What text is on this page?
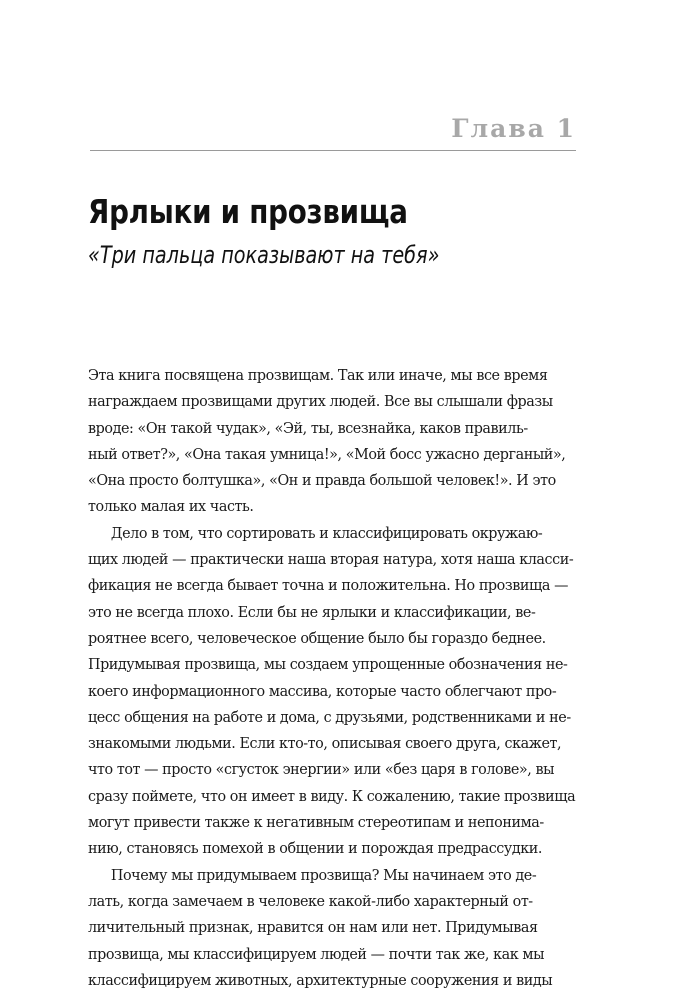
Глава 1
Ярлыки и прозвища
«Три пальца показывают на тебя»
Эта книга посвящена прозвищам. Так или иначе, мы все время
награждаем прозвищами других людей. Все вы слышали фразы
вроде: «Он такой чудак», «Эй, ты, всезнайка, каков правиль-
ный ответ?», «Она такая умница!», «Мой босс ужасно дерганый»,
«Она просто болтушка», «Он и правда большой человек!». И это
только малая их часть.
Дело в том, что сортировать и классифицировать окружаю-
щих людей — практически наша вторая натура, хотя наша класси-
фикация не всегда бывает точна и положительна. Но прозвища —
это не всегда плохо. Если бы не ярлыки и классификации, ве-
роятнее всего, человеческое общение было бы гораздо беднее.
Придумывая прозвища, мы создаем упрощенные обозначения не-
коего информационного массива, которые часто облегчают про-
цесс общения на работе и дома, с друзьями, родственниками и не-
знакомыми людьми. Если кто-то, описывая своего друга, скажет,
что тот — просто «сгусток энергии» или «без царя в голове», вы
сразу поймете, что он имеет в виду. К сожалению, такие прозвища
могут привести также к негативным стереотипам и непонима-
нию, становясь помехой в общении и порождая предрассудки.
Почему мы придумываем прозвища? Мы начинаем это де-
лать, когда замечаем в человеке какой-либо характерный от-
личительный признак, нравится он нам или нет. Придумывая
прозвища, мы классифицируем людей — почти так же, как мы
классифицируем животных, архитектурные сооружения и виды
